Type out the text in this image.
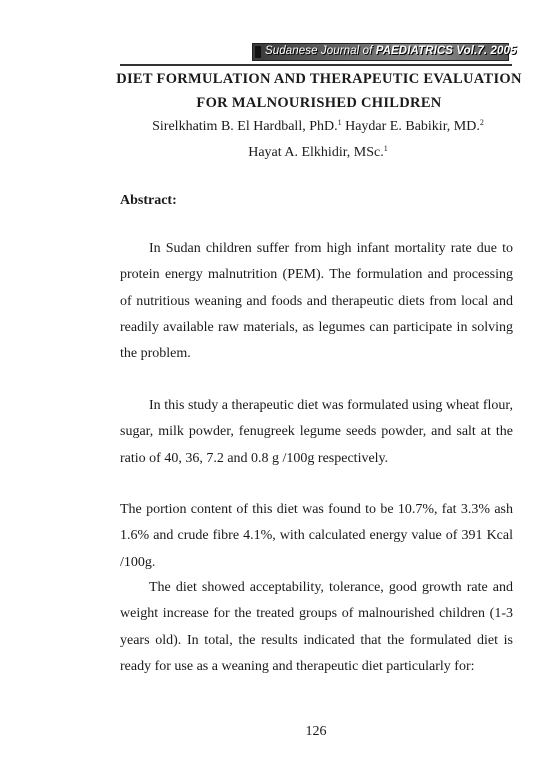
Sudanese Journal of PAEDIATRICS Vol.7. 2005
DIET FORMULATION AND THERAPEUTIC EVALUATION
FOR MALNOURISHED CHILDREN
Sirelkhatim B. El Hardball, PhD.$^1$ Haydar E. Babikir, MD.$^2$
Hayat A. Elkhidir, MSc.$^1$
Abstract:
In Sudan children suffer from high infant mortality rate due to protein energy malnutrition (PEM). The formulation and processing of nutritious weaning and foods and therapeutic diets from local and readily available raw materials, as legumes can participate in solving the problem.
In this study a therapeutic diet was formulated using wheat flour, sugar, milk powder, fenugreek legume seeds powder, and salt at the ratio of 40, 36, 7.2 and 0.8 g /100g respectively.
The portion content of this diet was found to be 10.7%, fat 3.3% ash 1.6% and crude fibre 4.1%, with calculated energy value of 391 Kcal /100g.
The diet showed acceptability, tolerance, good growth rate and weight increase for the treated groups of malnourished children (1-3 years old). In total, the results indicated that the formulated diet is ready for use as a weaning and therapeutic diet particularly for:
126
